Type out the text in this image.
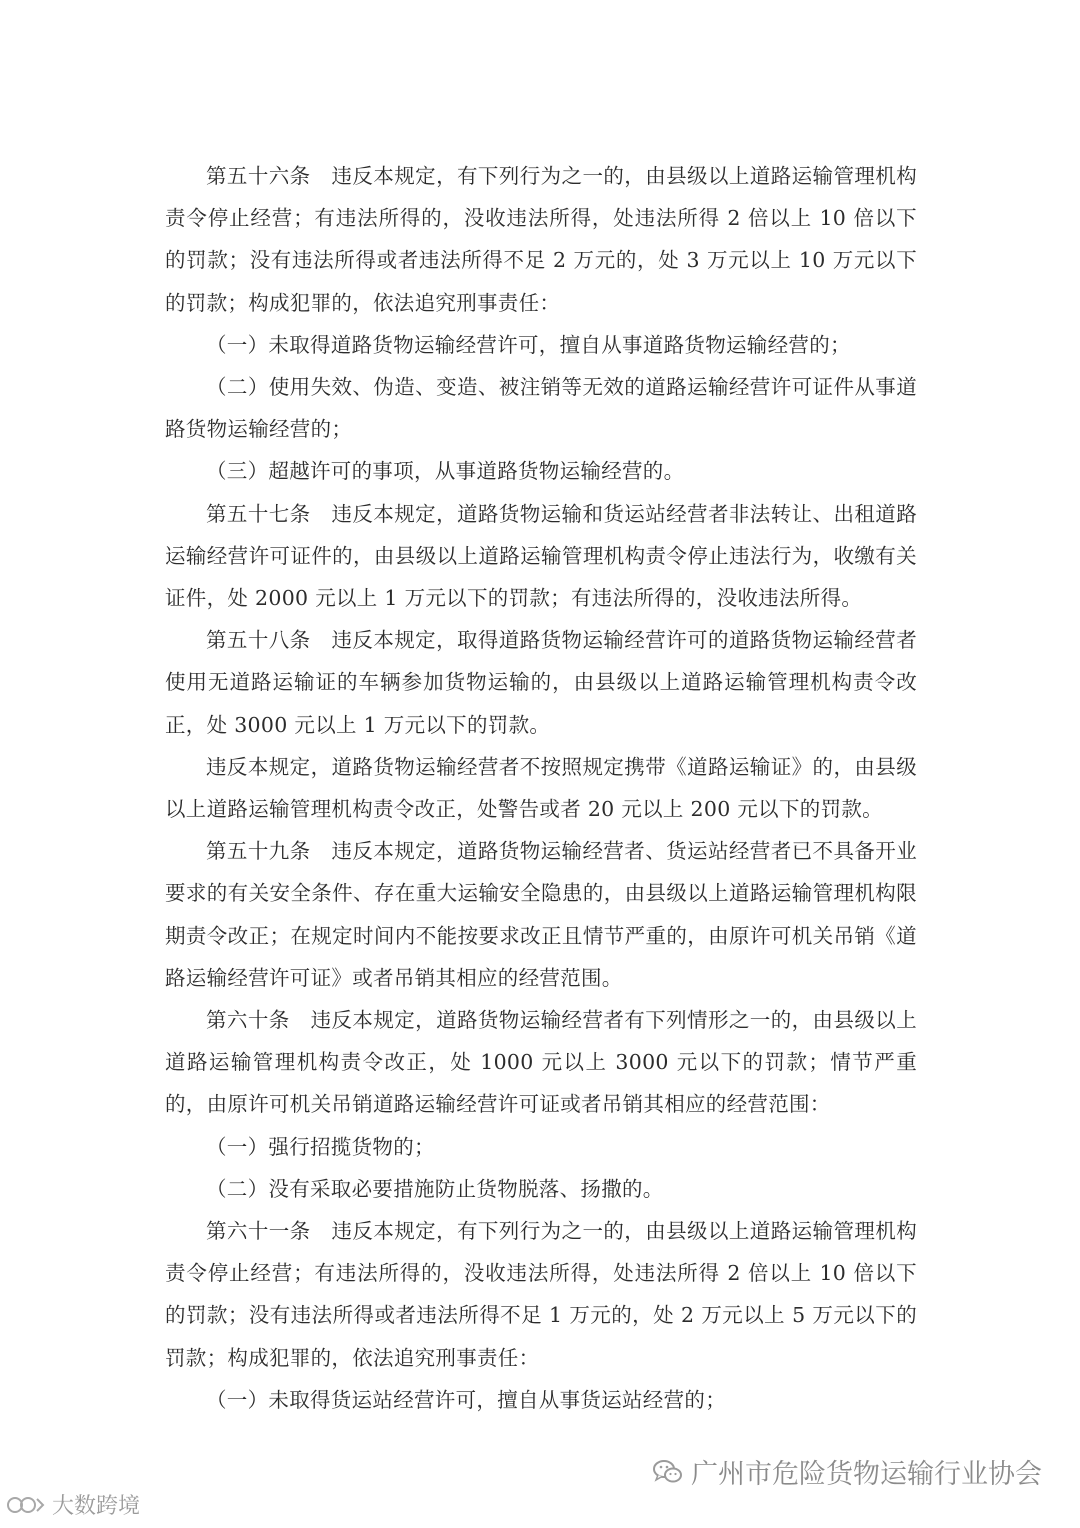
第五十六条　违反本规定，有下列行为之一的，由县级以上道路运输管理机构责令停止经营；有违法所得的，没收违法所得，处违法所得 2 倍以上 10 倍以下的罚款；没有违法所得或者违法所得不足 2 万元的，处 3 万元以上 10 万元以下的罚款；构成犯罪的，依法追究刑事责任：

（一）未取得道路货物运输经营许可，擅自从事道路货物运输经营的；

（二）使用失效、伪造、变造、被注销等无效的道路运输经营许可证件从事道路货物运输经营的；

（三）超越许可的事项，从事道路货物运输经营的。

第五十七条　违反本规定，道路货物运输和货运站经营者非法转让、出租道路运输经营许可证件的，由县级以上道路运输管理机构责令停止违法行为，收缴有关证件，处 2000 元以上 1 万元以下的罚款；有违法所得的，没收违法所得。

第五十八条　违反本规定，取得道路货物运输经营许可的道路货物运输经营者使用无道路运输证的车辆参加货物运输的，由县级以上道路运输管理机构责令改正，处 3000 元以上 1 万元以下的罚款。

违反本规定，道路货物运输经营者不按照规定携带《道路运输证》的，由县级以上道路运输管理机构责令改正，处警告或者 20 元以上 200 元以下的罚款。

第五十九条　违反本规定，道路货物运输经营者、货运站经营者已不具备开业要求的有关安全条件、存在重大运输安全隐患的，由县级以上道路运输管理机构限期责令改正；在规定时间内不能按要求改正且情节严重的，由原许可机关吊销《道路运输经营许可证》或者吊销其相应的经营范围。

第六十条　违反本规定，道路货物运输经营者有下列情形之一的，由县级以上道路运输管理机构责令改正，处 1000 元以上 3000 元以下的罚款；情节严重的，由原许可机关吊销道路运输经营许可证或者吊销其相应的经营范围：

（一）强行招揽货物的；

（二）没有采取必要措施防止货物脱落、扬撒的。

第六十一条　违反本规定，有下列行为之一的，由县级以上道路运输管理机构责令停止经营；有违法所得的，没收违法所得，处违法所得 2 倍以上 10 倍以下的罚款；没有违法所得或者违法所得不足 1 万元的，处 2 万元以上 5 万元以下的罚款；构成犯罪的，依法追究刑事责任：

（一）未取得货运站经营许可，擅自从事货运站经营的；

广州市危险货物运输行业协会
大数跨境
